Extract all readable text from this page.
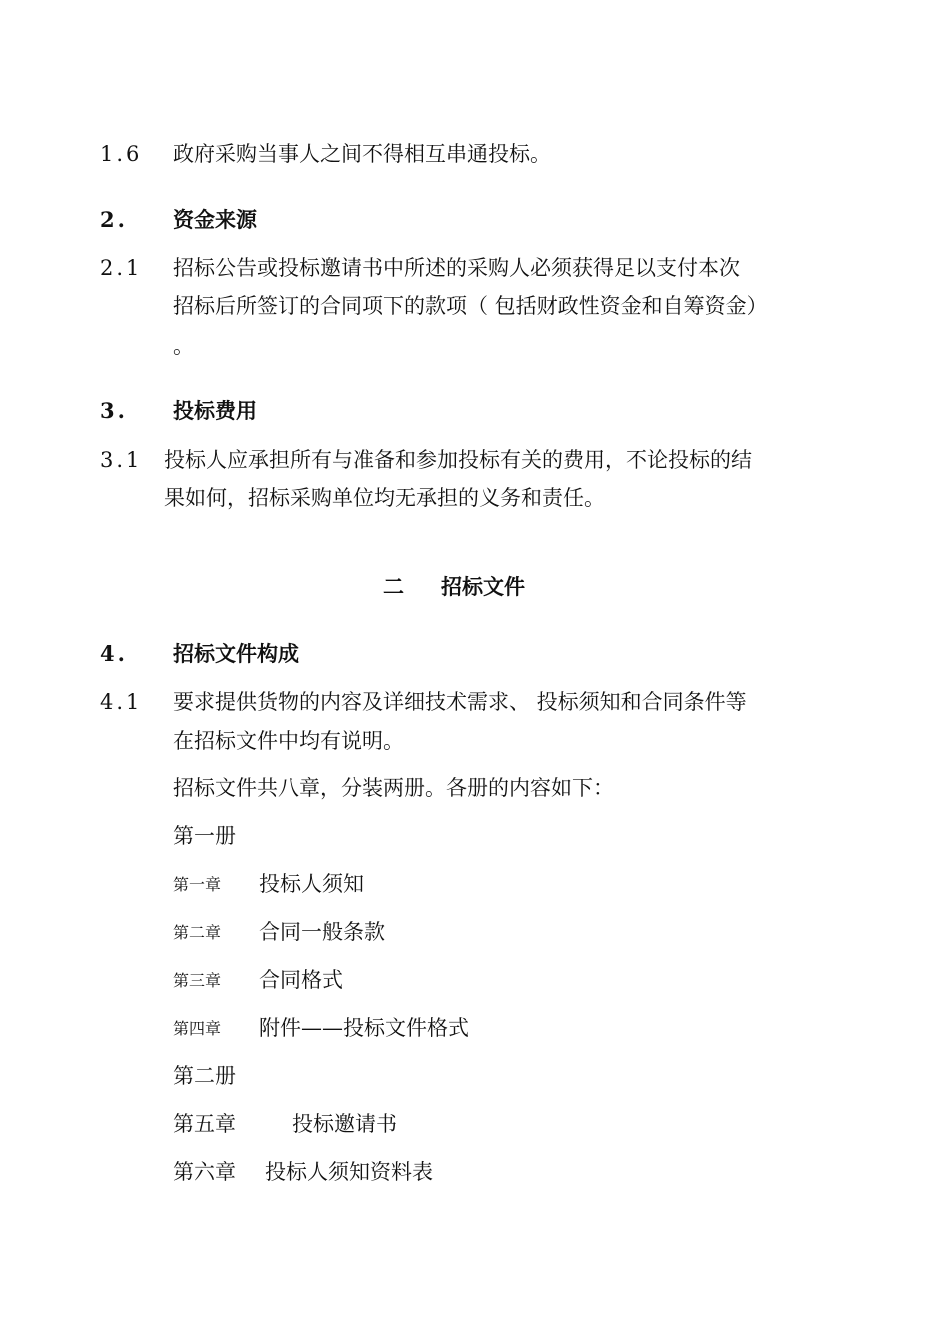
1.6 政府采购当事人之间不得相互串通投标。
2. 资金来源
2.1 招标公告或投标邀请书中所述的采购人必须获得足以支付本次
招标后所签订的合同项下的款项（ 包括财政性资金和自筹资金）
。
3. 投标费用
3.1 投标人应承担所有与准备和参加投标有关的费用，不论投标的结
果如何，招标采购单位均无承担的义务和责任。
二 招标文件
4. 招标文件构成
4.1 要求提供货物的内容及详细技术需求、 投标须知和合同条件等
在招标文件中均有说明。
招标文件共八章，分装两册。各册的内容如下：
第一册
第一章 投标人须知
第二章 合同一般条款
第三章 合同格式
第四章 附件——投标文件格式
第二册
第五章	投标邀请书
第六章 投标人须知资料表
